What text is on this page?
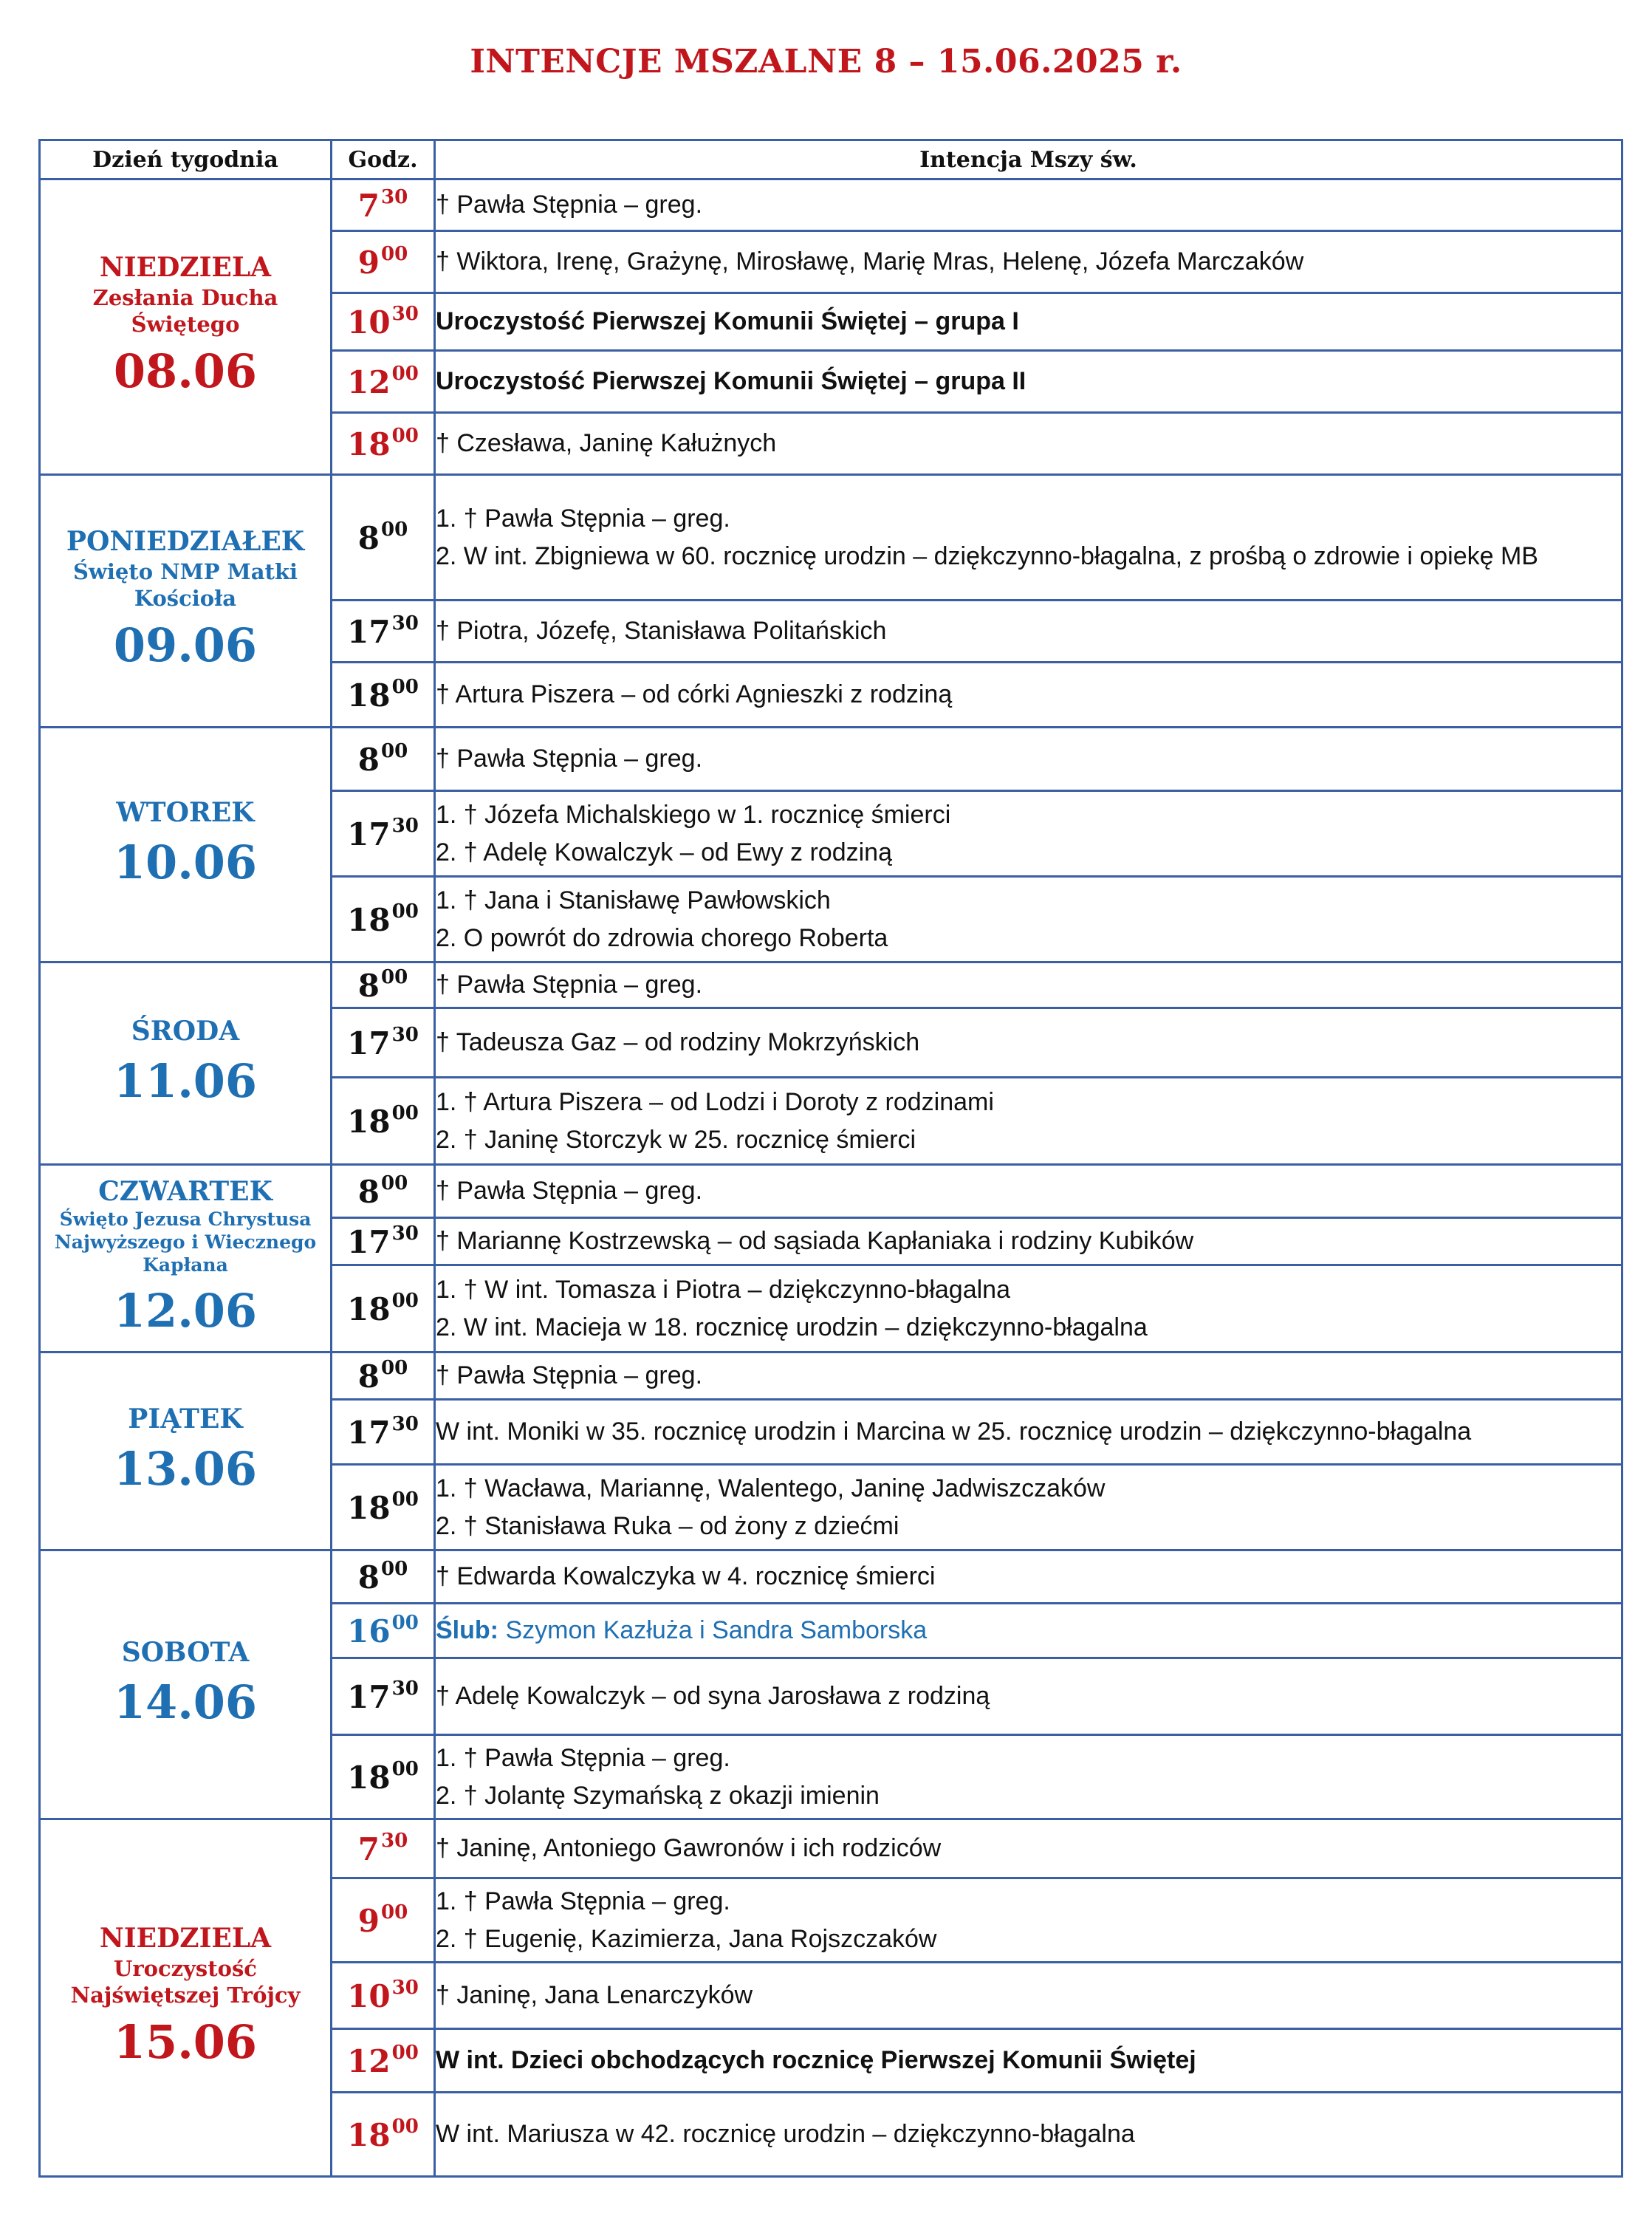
INTENCJE MSZALNE 8 – 15.06.2025 r.
Dzień tygodnia	Godz.	Intencja Mszy św.

NIEDZIELA
Zesłania Ducha
Świętego
08.06	$7^{30}$	† Pawła Stępnia – greg.

	$9^{00}$	† Wiktora, Irenę, Grażynę, Mirosławę, Marię Mras, Helenę, Józefa Marczaków

	$10^{30}$	Uroczystość Pierwszej Komunii Świętej – grupa I

	$12^{00}$	Uroczystość Pierwszej Komunii Świętej – grupa II

	$18^{00}$	† Czesława, Janinę Kałużnych

PONIEDZIAŁEK
Święto NMP Matki
Kościoła
09.06	$8^{00}$	1. † Pawła Stępnia – greg.
2. W int. Zbigniewa w 60. rocznicę urodzin – dziękczynno-błagalna, z prośbą o zdrowie i opiekę MB

	$17^{30}$	† Piotra, Józefę, Stanisława Politańskich

	$18^{00}$	† Artura Piszera – od córki Agnieszki z rodziną

WTOREK
10.06	$8^{00}$	† Pawła Stępnia – greg.

	$17^{30}$	1. † Józefa Michalskiego w 1. rocznicę śmierci
2. † Adelę Kowalczyk – od Ewy z rodziną

	$18^{00}$	1. † Jana i Stanisławę Pawłowskich
2. O powrót do zdrowia chorego Roberta

ŚRODA
11.06	$8^{00}$	† Pawła Stępnia – greg.

	$17^{30}$	† Tadeusza Gaz – od rodziny Mokrzyńskich

	$18^{00}$	1. † Artura Piszera – od Lodzi i Doroty z rodzinami
2. † Janinę Storczyk w 25. rocznicę śmierci

CZWARTEK
Święto Jezusa Chrystusa
Najwyższego i Wiecznego
Kapłana
12.06	$8^{00}$	† Pawła Stępnia – greg.

	$17^{30}$	† Mariannę Kostrzewską – od sąsiada Kapłaniaka i rodziny Kubików

	$18^{00}$	1. † W int. Tomasza i Piotra – dziękczynno-błagalna
2. W int. Macieja w 18. rocznicę urodzin – dziękczynno-błagalna

PIĄTEK
13.06	$8^{00}$	† Pawła Stępnia – greg.

	$17^{30}$	W int. Moniki w 35. rocznicę urodzin i Marcina w 25. rocznicę urodzin – dziękczynno-błagalna

	$18^{00}$	1. † Wacława, Mariannę, Walentego, Janinę Jadwiszczaków
2. † Stanisława Ruka – od żony z dziećmi

SOBOTA
14.06	$8^{00}$	† Edwarda Kowalczyka w 4. rocznicę śmierci

	$16^{00}$	Ślub: Szymon Kazłuża i Sandra Samborska
	$17^{30}$	† Adelę Kowalczyk – od syna Jarosława z rodziną

	$18^{00}$	1. † Pawła Stępnia – greg.
2. † Jolantę Szymańską z okazji imienin

NIEDZIELA
Uroczystość
Najświętszej Trójcy
15.06	$7^{30}$	† Janinę, Antoniego Gawronów i ich rodziców

	$9^{00}$	1. † Pawła Stępnia – greg.
2. † Eugenię, Kazimierza, Jana Rojszczaków

	$10^{30}$	† Janinę, Jana Lenarczyków

	$12^{00}$	W int. Dzieci obchodzących rocznicę Pierwszej Komunii Świętej

	$18^{00}$	W int. Mariusza w 42. rocznicę urodzin – dziękczynno-błagalna
